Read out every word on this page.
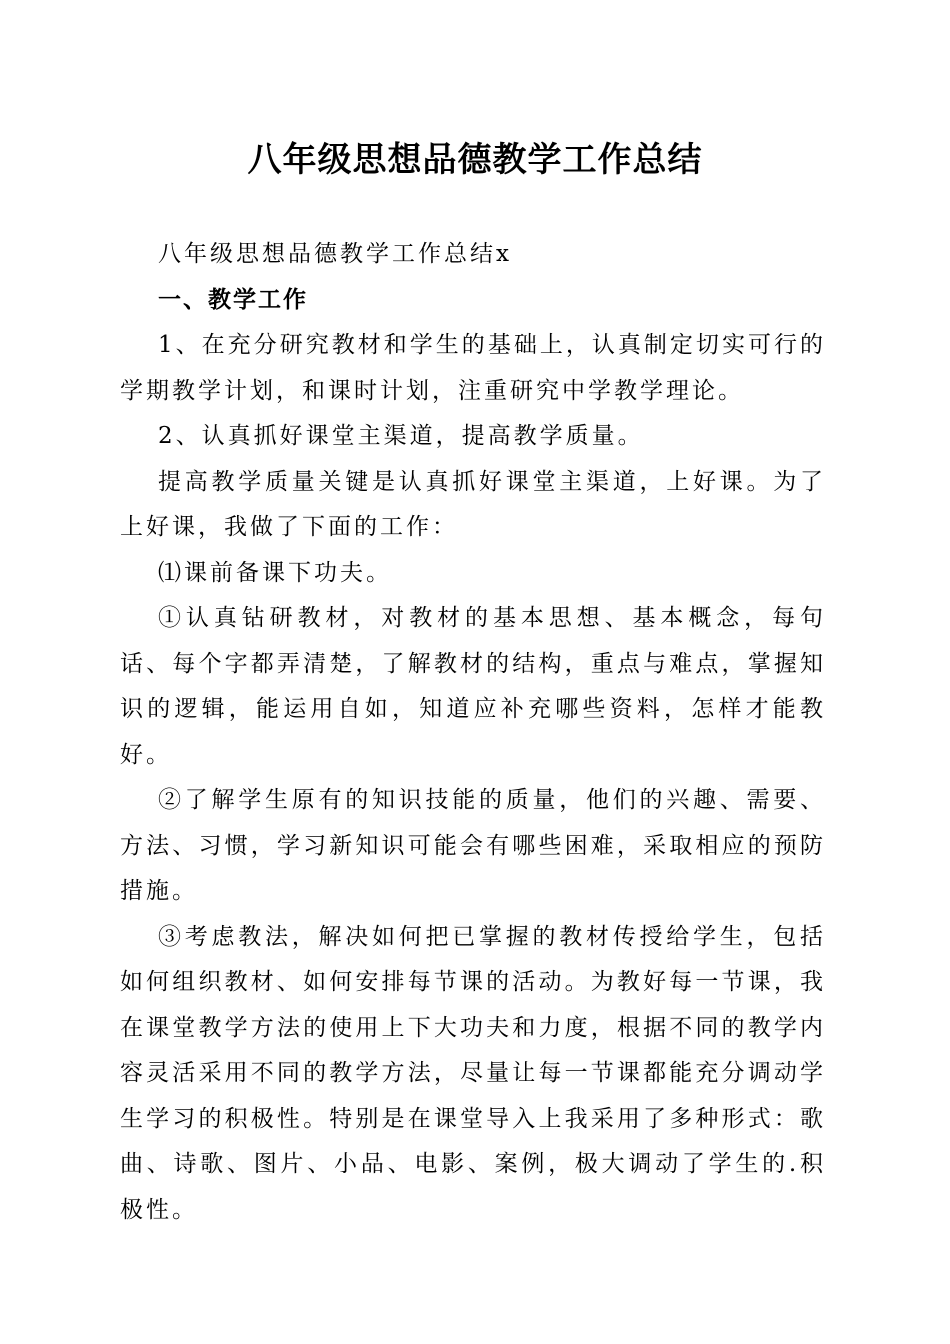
八年级思想品德教学工作总结

八年级思想品德教学工作总结x

一、教学工作

1、在充分研究教材和学生的基础上，认真制定切实可行的学期教学计划，和课时计划，注重研究中学教学理论。

2、认真抓好课堂主渠道，提高教学质量。

提高教学质量关键是认真抓好课堂主渠道，上好课。为了上好课，我做了下面的工作：

⑴课前备课下功夫。

①认真钻研教材，对教材的基本思想、基本概念，每句话、每个字都弄清楚，了解教材的结构，重点与难点，掌握知识的逻辑，能运用自如，知道应补充哪些资料，怎样才能教好。

②了解学生原有的知识技能的质量，他们的兴趣、需要、方法、习惯，学习新知识可能会有哪些困难，采取相应的预防措施。

③考虑教法，解决如何把已掌握的教材传授给学生，包括如何组织教材、如何安排每节课的活动。为教好每一节课，我在课堂教学方法的使用上下大功夫和力度，根据不同的教学内容灵活采用不同的教学方法，尽量让每一节课都能充分调动学生学习的积极性。特别是在课堂导入上我采用了多种形式：歌曲、诗歌、图片、小品、电影、案例，极大调动了学生的.积极性。
